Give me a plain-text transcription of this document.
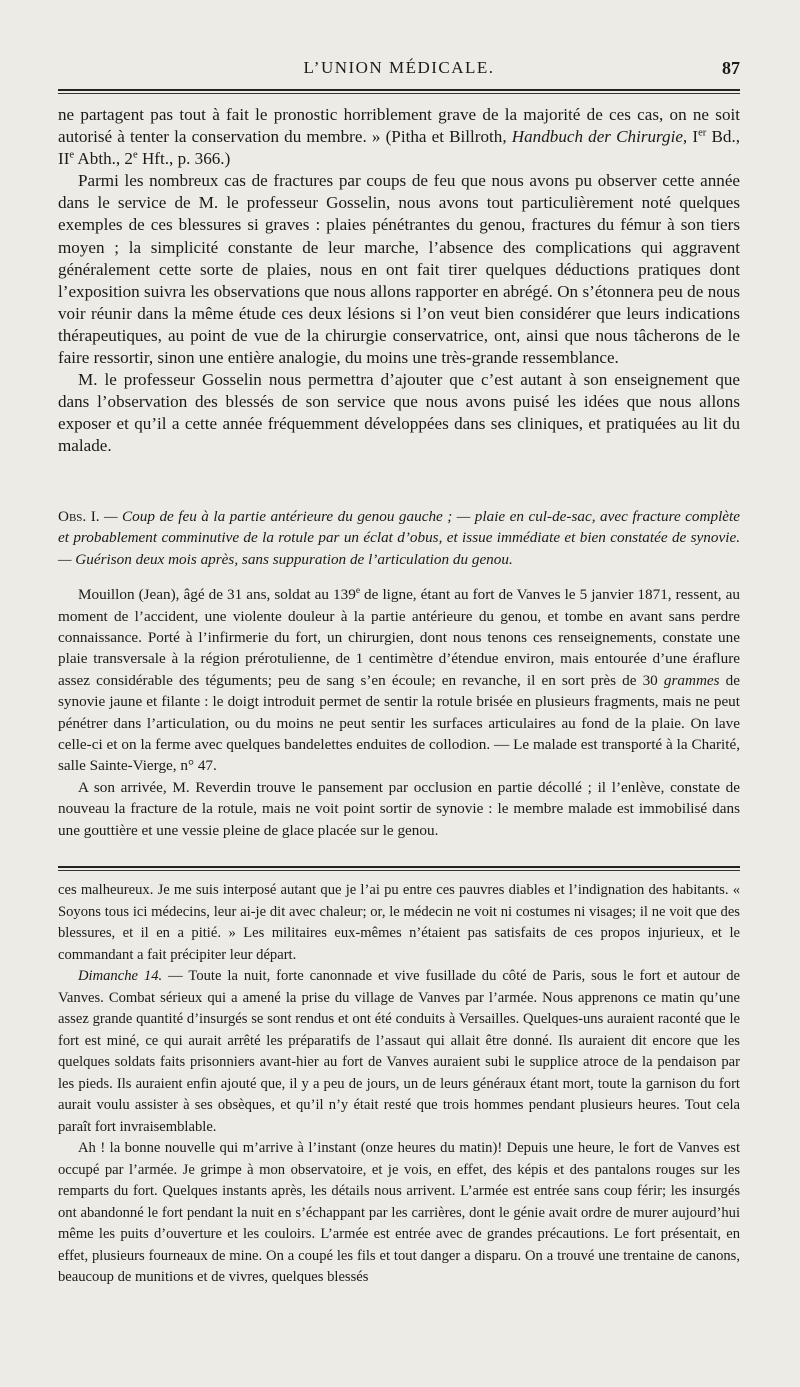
L’UNION MÉDICALE.	87

ne partagent pas tout à fait le pronostic horriblement grave de la majorité de ces cas, on ne soit autorisé à tenter la conservation du membre. » (Pitha et Billroth, Handbuch der Chirurgie, Ier Bd., IIe Abth., 2e Hft., p. 366.)

Parmi les nombreux cas de fractures par coups de feu que nous avons pu observer cette année dans le service de M. le professeur Gosselin, nous avons tout particulièrement noté quelques exemples de ces blessures si graves : plaies pénétrantes du genou, fractures du fémur à son tiers moyen ; la simplicité constante de leur marche, l’absence des complications qui aggravent généralement cette sorte de plaies, nous en ont fait tirer quelques déductions pratiques dont l’exposition suivra les observations que nous allons rapporter en abrégé. On s’étonnera peu de nous voir réunir dans la même étude ces deux lésions si l’on veut bien considérer que leurs indications thérapeutiques, au point de vue de la chirurgie conservatrice, ont, ainsi que nous tâcherons de le faire ressortir, sinon une entière analogie, du moins une très-grande ressemblance.

M. le professeur Gosselin nous permettra d’ajouter que c’est autant à son enseignement que dans l’observation des blessés de son service que nous avons puisé les idées que nous allons exposer et qu’il a cette année fréquemment développées dans ses cliniques, et pratiquées au lit du malade.

Obs. I. — Coup de feu à la partie antérieure du genou gauche ; — plaie en cul-de-sac, avec fracture complète et probablement comminutive de la rotule par un éclat d’obus, et issue immédiate et bien constatée de synovie. — Guérison deux mois après, sans suppuration de l’articulation du genou.

Mouillon (Jean), âgé de 31 ans, soldat au 139e de ligne, étant au fort de Vanves le 5 janvier 1871, ressent, au moment de l’accident, une violente douleur à la partie antérieure du genou, et tombe en avant sans perdre connaissance. Porté à l’infirmerie du fort, un chirurgien, dont nous tenons ces renseignements, constate une plaie transversale à la région prérotulienne, de 1 centimètre d’étendue environ, mais entourée d’une éraflure assez considérable des téguments; peu de sang s’en écoule; en revanche, il en sort près de 30 grammes de synovie jaune et filante : le doigt introduit permet de sentir la rotule brisée en plusieurs fragments, mais ne peut pénétrer dans l’articulation, ou du moins ne peut sentir les surfaces articulaires au fond de la plaie. On lave celle-ci et on la ferme avec quelques bandelettes enduites de collodion. — Le malade est transporté à la Charité, salle Sainte-Vierge, n° 47.

A son arrivée, M. Reverdin trouve le pansement par occlusion en partie décollé ; il l’enlève, constate de nouveau la fracture de la rotule, mais ne voit point sortir de synovie : le membre malade est immobilisé dans une gouttière et une vessie pleine de glace placée sur le genou.

ces malheureux. Je me suis interposé autant que je l’ai pu entre ces pauvres diables et l’indignation des habitants. « Soyons tous ici médecins, leur ai-je dit avec chaleur; or, le médecin ne voit ni costumes ni visages; il ne voit que des blessures, et il en a pitié. » Les militaires eux-mêmes n’étaient pas satisfaits de ces propos injurieux, et le commandant a fait précipiter leur départ.

Dimanche 14. — Toute la nuit, forte canonnade et vive fusillade du côté de Paris, sous le fort et autour de Vanves. Combat sérieux qui a amené la prise du village de Vanves par l’armée. Nous apprenons ce matin qu’une assez grande quantité d’insurgés se sont rendus et ont été conduits à Versailles. Quelques-uns auraient raconté que le fort est miné, ce qui aurait arrêté les préparatifs de l’assaut qui allait être donné. Ils auraient dit encore que les quelques soldats faits prisonniers avant-hier au fort de Vanves auraient subi le supplice atroce de la pendaison par les pieds. Ils auraient enfin ajouté que, il y a peu de jours, un de leurs généraux étant mort, toute la garnison du fort aurait voulu assister à ses obsèques, et qu’il n’y était resté que trois hommes pendant plusieurs heures. Tout cela paraît fort invraisemblable.

Ah ! la bonne nouvelle qui m’arrive à l’instant (onze heures du matin)! Depuis une heure, le fort de Vanves est occupé par l’armée. Je grimpe à mon observatoire, et je vois, en effet, des képis et des pantalons rouges sur les remparts du fort. Quelques instants après, les détails nous arrivent. L’armée est entrée sans coup férir; les insurgés ont abandonné le fort pendant la nuit en s’échappant par les carrières, dont le génie avait ordre de murer aujourd’hui même les puits d’ouverture et les couloirs. L’armée est entrée avec de grandes précautions. Le fort présentait, en effet, plusieurs fourneaux de mine. On a coupé les fils et tout danger a disparu. On a trouvé une trentaine de canons, beaucoup de munitions et de vivres, quelques blessés
